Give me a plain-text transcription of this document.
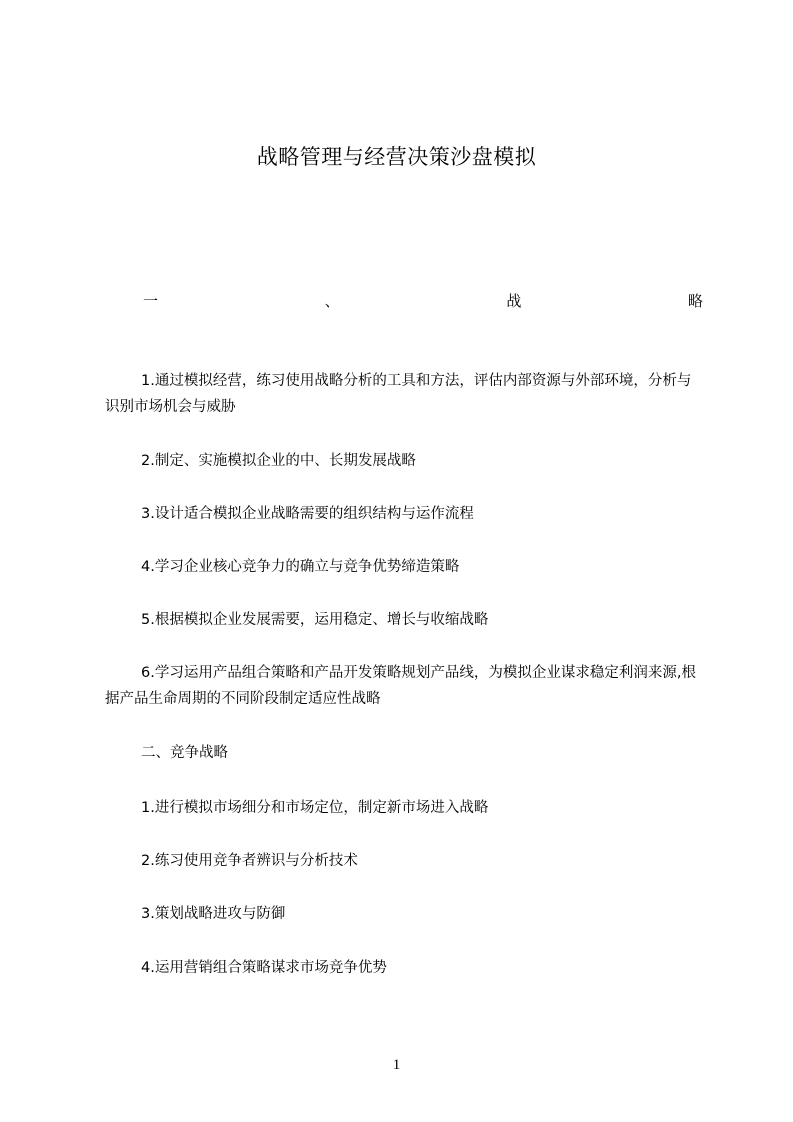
战略管理与经营决策沙盘模拟
一	、	战	略

1.通过模拟经营，练习使用战略分析的工具和方法，评估内部资源与外部环境，分析与识别市场机会与威胁

2.制定、实施模拟企业的中、长期发展战略

3.设计适合模拟企业战略需要的组织结构与运作流程

4.学习企业核心竞争力的确立与竞争优势缔造策略

5.根据模拟企业发展需要，运用稳定、增长与收缩战略

6.学习运用产品组合策略和产品开发策略规划产品线，为模拟企业谋求稳定利润来源,根据产品生命周期的不同阶段制定适应性战略

二、竞争战略

1.进行模拟市场细分和市场定位，制定新市场进入战略

2.练习使用竞争者辨识与分析技术

3.策划战略进攻与防御

4.运用营销组合策略谋求市场竞争优势

1
